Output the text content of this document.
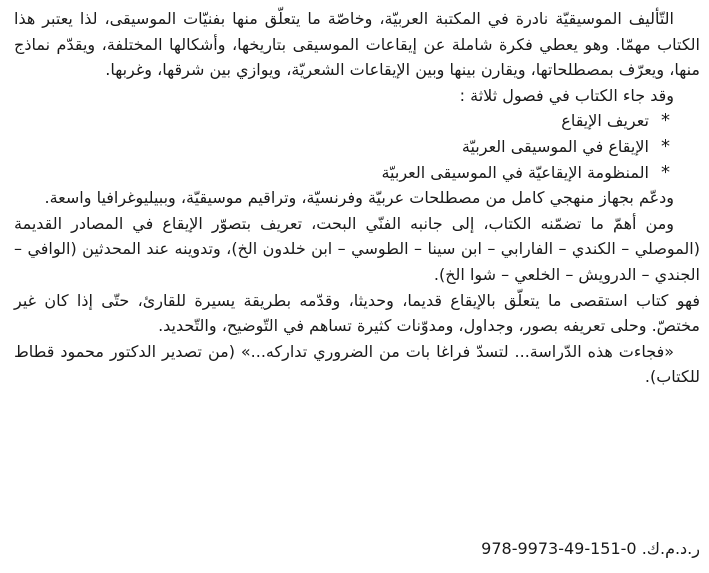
التّأليف الموسيقيّة نادرة في المكتبة العربيّة، وخاصّة ما يتعلّق منها بفنيّات الموسيقى، لذا يعتبر هذا الكتاب مهمّا. وهو يعطي فكرة شاملة عن إيقاعات الموسيقى بتاريخها، وأشكالها المختلفة، ويقدّم نماذج منها، ويعرّف بمصطلحاتها، ويقارن بينها وبين الإيقاعات الشعريّة، ويوازي بين شرقها، وغربها.

وقد جاء الكتاب في فصول ثلاثة :

* تعريف الإيقاع
* الإيقاع في الموسيقى العربيّة
* المنظومة الإيقاعيّة في الموسيقى العربيّة

ودعّم بجهاز منهجي كامل من مصطلحات عربيّة وفرنسيّة، وتراقيم موسيقيّة، وببيليوغرافيا واسعة.

ومن أهمّ ما تضمّنه الكتاب، إلى جانبه الفنّي البحت، تعريف بتصوّر الإيقاع في المصادر القديمة (الموصلي – الكندي – الفارابي – ابن سينا – الطوسي – ابن خلدون الخ)، وتدوينه عند المحدثين (الوافي – الجندي – الدرويش – الخلعي – شوا الخ).

فهو كتاب استقصى ما يتعلّق بالإيقاع قديما، وحديثا، وقدّمه بطريقة يسيرة للقارئ، حتّى إذا كان غير مختصّ. وحلى تعريفه بصور، وجداول، ومدوّنات كثيرة تساهم في التّوضيح، والتّحديد.

«فجاءت هذه الدّراسة... لتسدّ فراغا بات من الضروري تداركه...» (من تصدير الدكتور محمود قطاط للكتاب).

ر.د.م.ك. 978-9973-49-151-0
